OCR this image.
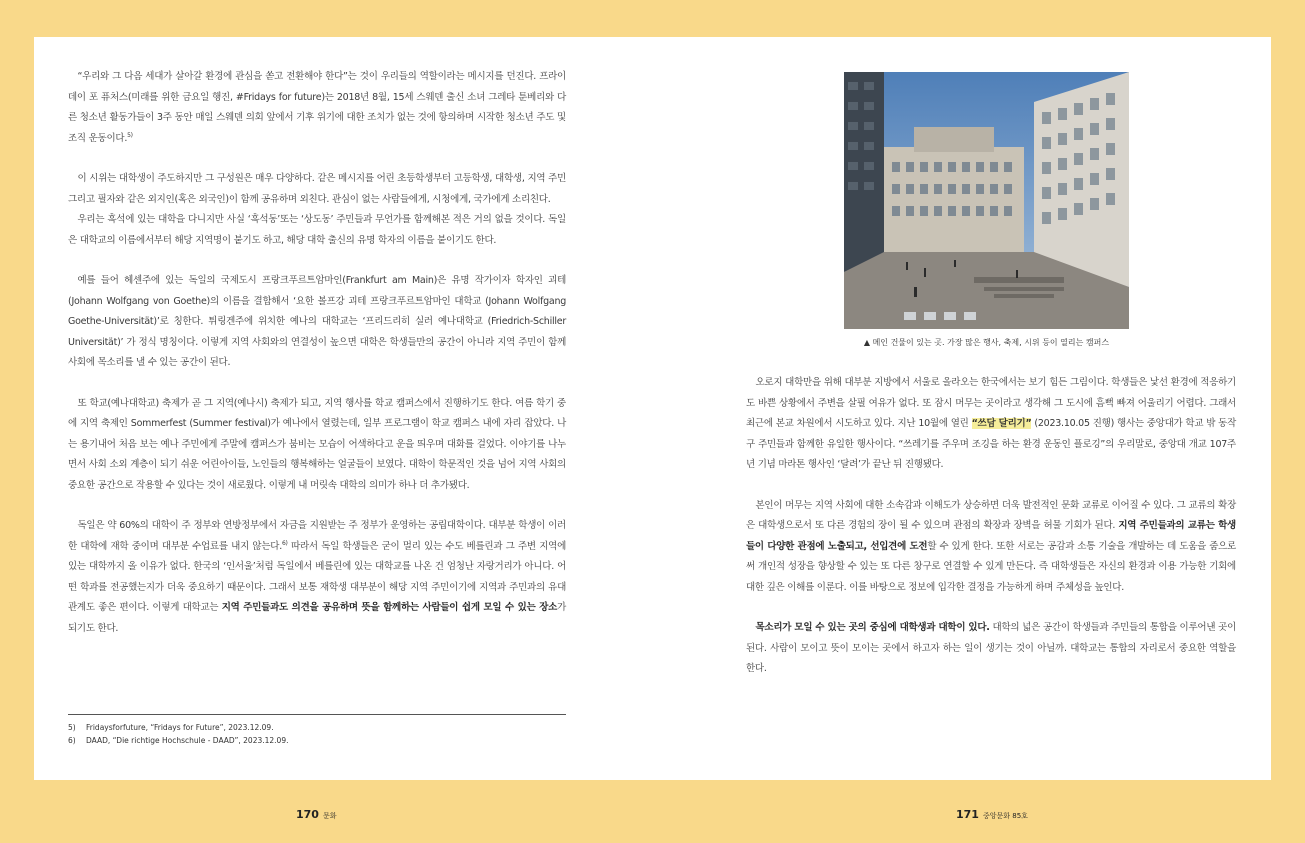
“우리와 그 다음 세대가 살아갈 환경에 관심을 쏟고 전환해야 한다”는 것이 우리들의 역할이라는 메시지를 던진다. 프라이데이 포 퓨처스(미래를 위한 금요일 행진, #Fridays for future)는 2018년 8월, 15세 스웨덴 출신 소녀 그레타 툰베리와 다른 청소년 활동가들이 3주 동안 매일 스웨덴 의회 앞에서 기후 위기에 대한 조치가 없는 것에 항의하며 시작한 청소년 주도 및 조직 운동이다.$^{5)}$

이 시위는 대학생이 주도하지만 그 구성원은 매우 다양하다. 같은 메시지를 어린 초등학생부터 고등학생, 대학생, 지역 주민 그리고 필자와 같은 외지인(혹은 외국인)이 함께 공유하며 외친다. 관심이 없는 사람들에게, 시청에게, 국가에게 소리친다.

우리는 흑석에 있는 대학을 다니지만 사실 ‘흑석동’또는 ‘상도동’ 주민들과 무언가를 함께해본 적은 거의 없을 것이다. 독일은 대학교의 이름에서부터 해당 지역명이 붙기도 하고, 해당 대학 출신의 유명 학자의 이름을 붙이기도 한다.

예를 들어 헤센주에 있는 독일의 국제도시 프랑크푸르트암마인(Frankfurt am Main)은 유명 작가이자 학자인 괴테 (Johann Wolfgang von Goethe)의 이름을 결합해서 ‘요한 볼프강 괴테 프랑크푸르트암마인 대학교 (Johann Wolfgang Goethe-Universität)’로 칭한다. 튀링겐주에 위치한 예나의 대학교는 ‘프리드리히 실러 예나대학교 (Friedrich-Schiller Universität)’ 가 정식 명칭이다. 이렇게 지역 사회와의 연결성이 높으면 대학은 학생들만의 공간이 아니라 지역 주민이 함께 사회에 목소리를 낼 수 있는 공간이 된다.

또 학교(예나대학교) 축제가 곧 그 지역(예나시) 축제가 되고, 지역 행사를 학교 캠퍼스에서 진행하기도 한다. 여름 학기 중에 지역 축제인 Sommerfest (Summer festival)가 예나에서 열렸는데, 일부 프로그램이 학교 캠퍼스 내에 자리 잡았다. 나는 용기내어 처음 보는 예나 주민에게 주말에 캠퍼스가 붐비는 모습이 어색하다고 운을 띄우며 대화를 걸었다. 이야기를 나누면서 사회 소외 계층이 되기 쉬운 어린아이들, 노인들의 행복해하는 얼굴들이 보였다. 대학이 학문적인 것을 넘어 지역 사회의 중요한 공간으로 작용할 수 있다는 것이 새로웠다. 이렇게 내 머릿속 대학의 의미가 하나 더 추가됐다.

독일은 약 60%의 대학이 주 정부와 연방정부에서 자금을 지원받는 주 정부가 운영하는 공립대학이다. 대부분 학생이 이러한 대학에 재학 중이며 대부분 수업료를 내지 않는다.$^{6)}$ 따라서 독일 학생들은 굳이 멀리 있는 수도 베를린과 그 주변 지역에 있는 대학까지 올 이유가 없다. 한국의 ‘인서울’처럼 독일에서 베를린에 있는 대학교를 나온 건 엄청난 자랑거리가 아니다. 어떤 학과를 전공했는지가 더욱 중요하기 때문이다. 그래서 보통 재학생 대부분이 해당 지역 주민이기에 지역과 주민과의 유대 관계도 좋은 편이다. 이렇게 대학교는 지역 주민들과도 의견을 공유하며 뜻을 함께하는 사람들이 쉽게 모일 수 있는 장소가 되기도 한다.

5) Fridaysforfuture, “Fridays for Future”, 2023.12.09.
6) DAAD, “Die richtige Hochschule - DAAD”, 2023.12.09.
▲ 메인 건물이 있는 곳. 가장 많은 행사, 축제, 시위 등이 열리는 캠퍼스

오로지 대학만을 위해 대부분 지방에서 서울로 올라오는 한국에서는 보기 힘든 그림이다. 학생들은 낯선 환경에 적응하기도 바쁜 상황에서 주변을 살필 여유가 없다. 또 잠시 머무는 곳이라고 생각해 그 도시에 흠뻑 빠져 어울리기 어렵다. 그래서 최근에 본교 차원에서 시도하고 있다. 지난 10월에 열린 “쓰담 달리기” (2023.10.05 진행) 행사는 중앙대가 학교 밖 동작구 주민들과 함께한 유일한 행사이다. “쓰레기를 주우며 조깅을 하는 환경 운동인 플로깅”의 우리말로, 중앙대 개교 107주년 기념 마라톤 행사인 ‘달려’가 끝난 뒤 진행됐다.

본인이 머무는 지역 사회에 대한 소속감과 이해도가 상승하면 더욱 발전적인 문화 교류로 이어질 수 있다. 그 교류의 확장은 대학생으로서 또 다른 경험의 장이 될 수 있으며 관점의 확장과 장벽을 허물 기회가 된다. 지역 주민들과의 교류는 학생들이 다양한 관점에 노출되고, 선입견에 도전할 수 있게 한다. 또한 서로는 공감과 소통 기술을 개발하는 데 도움을 줌으로써 개인적 성장을 향상할 수 있는 또 다른 창구로 연결할 수 있게 만든다. 즉 대학생들은 자신의 환경과 이용 가능한 기회에 대한 깊은 이해를 이룬다. 이를 바탕으로 정보에 입각한 결정을 가능하게 하며 주체성을 높인다.

목소리가 모일 수 있는 곳의 중심에 대학생과 대학이 있다. 대학의 넓은 공간이 학생들과 주민들의 통합을 이루어낸 곳이 된다. 사람이 모이고 뜻이 모이는 곳에서 하고자 하는 일이 생기는 것이 아닐까. 대학교는 통합의 자리로서 중요한 역할을 한다.

170 문화	171 중앙문화 85호
